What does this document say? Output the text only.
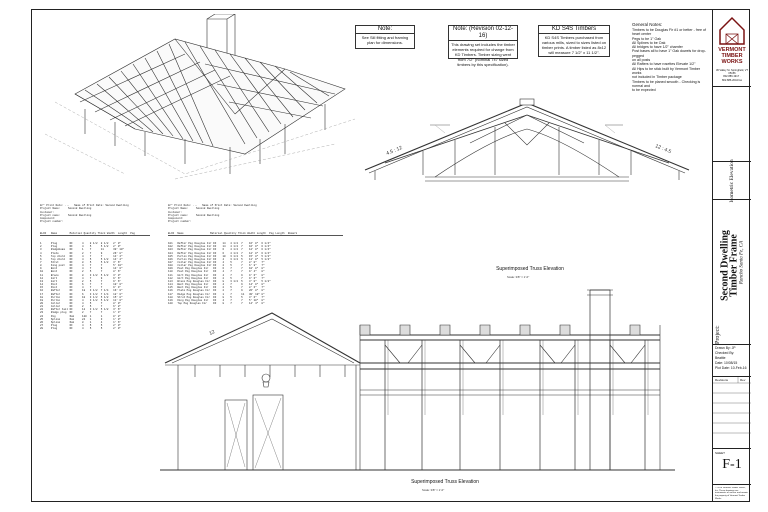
Note:
See Sill fitting and framing plan for dimensions.
Note: (Revision 02-12-16)
This drawing set includes the timber elements required for change from KD Timbers. Timber sizing went from 7/2" (nominal 7x7 sized timbers by this specification).
KD S4S Timbers
KD S4S Timbers purchased from various mills, sized to sizes listed on timber prints. A timber listed as 8x12 will measure 7 1/2" x 11 1/2".
General Notes:
Timbers to be Douglas Fir #1 or better - free of heart center
Pegs to be 1" Oak
All Splines to be Oak
All bridges to have 1/2" chamfer
Post bases all to have 1" Oak dowels for drop-pegged
on all posts
All Rafters to have rosettes Elevate 1/2"
All Hips to be stick built by Vermont Timber works
not included in Timber package
Timbers to be planed smooth - Checking is normal and
to be expected
4.5 : 12	12 : 4.5
Superimposed Truss Elevation
Scale: 3/8" = 1'-0"

W/* Print Date: ...   Name of Print Date: Second Dwelling
Project Name:     Second Dwelling
Customer:
Project name:     Second Dwelling
Component:
Project number:

ELID   Name        Material Quantity Thick Width  Length  Peg

1      Plug        DF      4    8 1/2  8 1/2   2' 0"
2      Plug        DF      4    5      5 1/2   2' 0"
3      Ridgebeam   DF      1    7      11      30' 10"
4      Plate       DF      2    7      9       26' 8"
5      Top chord   DF      4    7      7       14' 4"
6      Top chord   DF      4    5      5 1/2   14' 4"
7      Strut       DF      8    5      5 1/2   3' 6"
8      King post   DF      4    7      7       5' 10"
9      Bent        DF      4    7      9       14' 0"
10     Bent        DF      2    5      7       8' 6"
11     Brace       DF      8    3 1/2  5 1/2   3' 0"
12     Girt        DF      4    7      9       9' 6"
13     Girt        DF      2    5      7       9' 6"
14     Post        DF      6    7      7       10' 0"
15     Post        DF      4    7      7       9' 4"
16     Rafter      DF      18   3 1/2  7 1/4   16' 0"
17     Rafter      DF      6    3 1/2  7 1/4   12' 0"
18     Purlin      DF      10   3 1/2  5 1/2   15' 8"
19     Purlin      DF      4    3 1/2  5 1/2   11' 0"
20     Collar      DF      4    5      7       8' 0"
21     Collar      DF      2    5      7       6' 8"
22     Rafter tail DF      12   3 1/2  5 1/2   3' 6"
23     Ridge plug  DF      2    7      7       1' 4"
24     Peg         Oak     120  1      1       0' 8"
25     Spline      Oak     24   1      3       1' 0"
26     Spline      Oak     8    1      4       1' 6"
27     Plug        DF      4    5      5       2' 0"
28     Plug        DF      4    5      5       2' 0"

W/* Print Date: ...   Name of Print Date: Second Dwelling
Project Name:     Second Dwelling
Customer:
Project name:     Second Dwelling
Component:
Project number:

ELID  Name                 Material Quantity Thick Width Length  Peg Length  Remark

101   Rafter Peg Douglas Fir DF    14   4 1/2  7    16' 0"  6 1/4"
102   Rafter Peg Douglas Fir DF    14   4 1/2  7    16' 0"  6 1/4"
103   Rafter Peg Douglas Fir DF    6    4 1/2  7    12' 0"  6 1/4"
104   Rafter Peg Douglas Fir DF    6    4 1/2  7    12' 0"  6 1/4"
105   Purlin Peg Douglas Fir DF    10   3 1/2  5    15' 8"  5 1/2"
106   Purlin Peg Douglas Fir DF    4    3 1/2  5    11' 0"  5 1/2"
107   Collar Peg Douglas Fir DF    4    5      7    8' 0"   7"
108   Collar Peg Douglas Fir DF    2    5      7    6' 8"   7"
109   Post Peg Douglas Fir   DF    6    7      7    10' 0"  8"
110   Post Peg Douglas Fir   DF    4    7      7    9' 4"   8"
111   Girt Peg Douglas Fir   DF    4    7      9    9' 6"   8"
112   Girt Peg Douglas Fir   DF    2    5      7    9' 6"   7"
113   Brace Peg Douglas Fir  DF    8    3 1/2  5    3' 0"   5 1/2"
114   Bent Peg Douglas Fir   DF    4    7      9    14' 0"  8"
115   Bent Peg Douglas Fir   DF    2    5      7    8' 6"   7"
116   Plate Peg Douglas Fir  DF    2    7      9    26' 8"  8"
117   Ridge Peg Douglas Fir  DF    1    7      11   30' 10" 8"
118   Strut Peg Douglas Fir  DF    8    5      5    3' 6"   7"
119   King Peg Douglas Fir   DF    4    7      7    5' 10"  8"
120   Top Peg Douglas Fir    DF    8    7      7    14' 4"  8"

12
Superimposed Truss Elevation
Scale: 3/8" = 1'-0"
VERMONT
TIMBER
WORKS
36 Valley St. Springfield, VT 05156
802.886.1917 · 802.886.2044 fax
Isometric Elevation
Project:
Second Dwelling
Timber Frame Rancho Santa Fe, CA
Drawn By: JP
Checked By:
Beattie
Date: 10/08/15
Plot Date: 10-Feb-16
Revisions	Rev
SHEET
F-1
© 2016 Vermont Timber Works, Inc. These drawings are instruments of service and remain the property of Vermont Timber Works.
